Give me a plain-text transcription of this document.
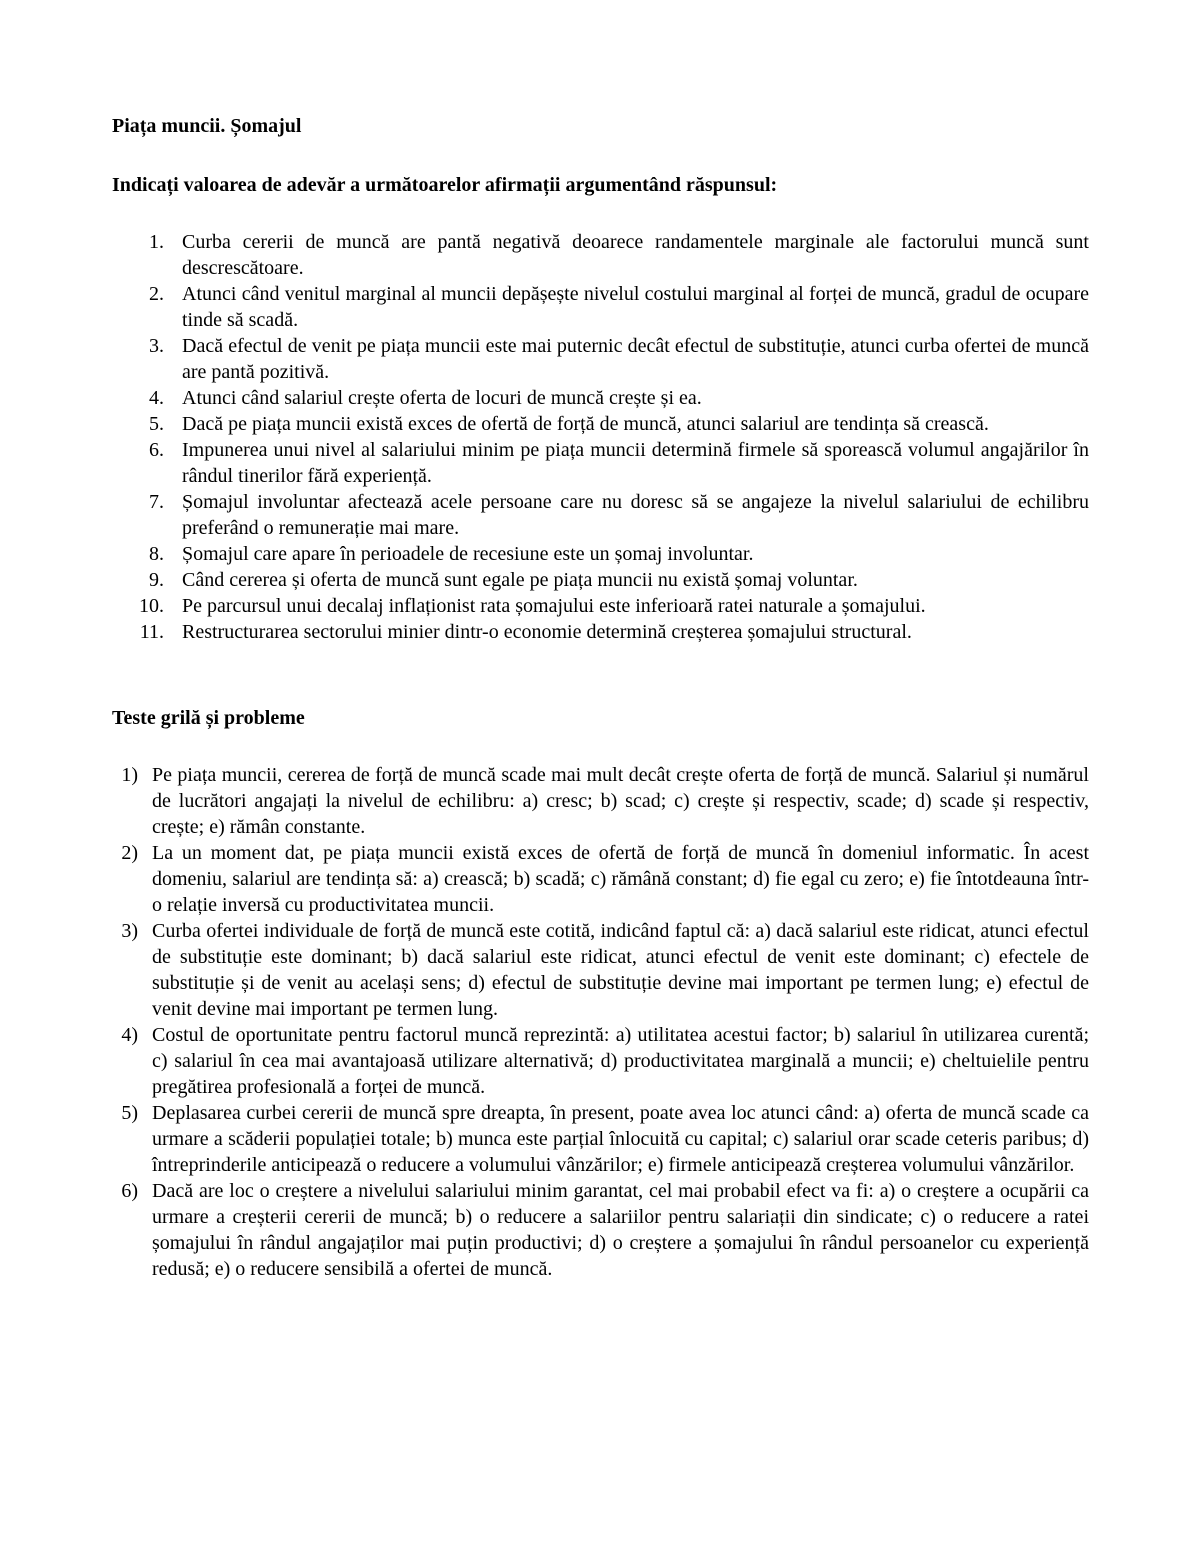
Piața muncii. Șomajul

Indicați valoarea de adevăr a următoarelor afirmații argumentând răspunsul:

1. Curba cererii de muncă are pantă negativă deoarece randamentele marginale ale factorului muncă sunt descrescătoare.
2. Atunci când venitul marginal al muncii depășește nivelul costului marginal al forței de muncă, gradul de ocupare tinde să scadă.
3. Dacă efectul de venit pe piața muncii este mai puternic decât efectul de substituție, atunci curba ofertei de muncă are pantă pozitivă.
4. Atunci când salariul crește oferta de locuri de muncă crește și ea.
5. Dacă pe piața muncii există exces de ofertă de forță de muncă, atunci salariul are tendința să crească.
6. Impunerea unui nivel al salariului minim pe piața muncii determină firmele să sporească volumul angajărilor în rândul tinerilor fără experiență.
7. Șomajul involuntar afectează acele persoane care nu doresc să se angajeze la nivelul salariului de echilibru preferând o remunerație mai mare.
8. Șomajul care apare în perioadele de recesiune este un șomaj involuntar.
9. Când cererea și oferta de muncă sunt egale pe piața muncii nu există șomaj voluntar.
10. Pe parcursul unui decalaj inflaționist rata șomajului este inferioară ratei naturale a șomajului.
11. Restructurarea sectorului minier dintr-o economie determină creșterea șomajului structural.

Teste grilă și probleme

1) Pe piața muncii, cererea de forță de muncă scade mai mult decât crește oferta de forță de muncă. Salariul și numărul de lucrători angajați la nivelul de echilibru: a) cresc; b) scad; c) crește și respectiv, scade; d) scade și respectiv, crește; e) rămân constante.
2) La un moment dat, pe piața muncii există exces de ofertă de forță de muncă în domeniul informatic. În acest domeniu, salariul are tendința să: a) crească; b) scadă; c) rămână constant; d) fie egal cu zero; e) fie întotdeauna într-o relație inversă cu productivitatea muncii.
3) Curba ofertei individuale de forță de muncă este cotită, indicând faptul că: a) dacă salariul este ridicat, atunci efectul de substituție este dominant; b) dacă salariul este ridicat, atunci efectul de venit este dominant; c) efectele de substituție și de venit au același sens; d) efectul de substituție devine mai important pe termen lung; e) efectul de venit devine mai important pe termen lung.
4) Costul de oportunitate pentru factorul muncă reprezintă: a) utilitatea acestui factor; b) salariul în utilizarea curentă; c) salariul în cea mai avantajoasă utilizare alternativă; d) productivitatea marginală a muncii; e) cheltuielile pentru pregătirea profesională a forței de muncă.
5) Deplasarea curbei cererii de muncă spre dreapta, în present, poate avea loc atunci când: a) oferta de muncă scade ca urmare a scăderii populației totale; b) munca este parțial înlocuită cu capital; c) salariul orar scade ceteris paribus; d) întreprinderile anticipează o reducere a volumului vânzărilor; e) firmele anticipează creșterea volumului vânzărilor.
6) Dacă are loc o creștere a nivelului salariului minim garantat, cel mai probabil efect va fi: a) o creștere a ocupării ca urmare a creșterii cererii de muncă; b) o reducere a salariilor pentru salariații din sindicate; c) o reducere a ratei șomajului în rândul angajaților mai puțin productivi; d) o creștere a șomajului în rândul persoanelor cu experiență redusă; e) o reducere sensibilă a ofertei de muncă.
